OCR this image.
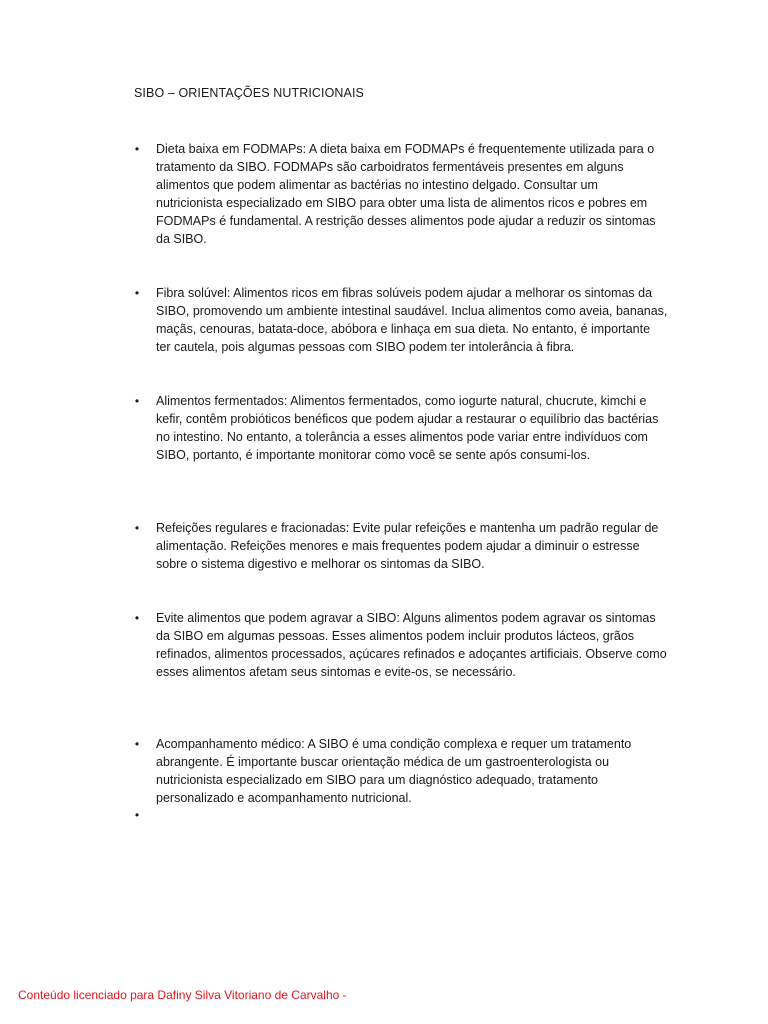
SIBO – ORIENTAÇÕES NUTRICIONAIS
•	Dieta baixa em FODMAPs: A dieta baixa em FODMAPs é frequentemente utilizada para o tratamento da SIBO. FODMAPs são carboidratos fermentáveis presentes em alguns alimentos que podem alimentar as bactérias no intestino delgado. Consultar um nutricionista especializado em SIBO para obter uma lista de alimentos ricos e pobres em FODMAPs é fundamental. A restrição desses alimentos pode ajudar a reduzir os sintomas da SIBO.
•	Fibra solúvel: Alimentos ricos em fibras solúveis podem ajudar a melhorar os sintomas da SIBO, promovendo um ambiente intestinal saudável. Inclua alimentos como aveia, bananas, maçãs, cenouras, batata-doce, abóbora e linhaça em sua dieta. No entanto, é importante ter cautela, pois algumas pessoas com SIBO podem ter intolerância à fibra.
•	Alimentos fermentados: Alimentos fermentados, como iogurte natural, chucrute, kimchi e kefir, contêm probióticos benéficos que podem ajudar a restaurar o equilíbrio das bactérias no intestino. No entanto, a tolerância a esses alimentos pode variar entre indivíduos com SIBO, portanto, é importante monitorar como você se sente após consumi-los.
•	Refeições regulares e fracionadas: Evite pular refeições e mantenha um padrão regular de alimentação. Refeições menores e mais frequentes podem ajudar a diminuir o estresse sobre o sistema digestivo e melhorar os sintomas da SIBO.
•	Evite alimentos que podem agravar a SIBO: Alguns alimentos podem agravar os sintomas da SIBO em algumas pessoas. Esses alimentos podem incluir produtos lácteos, grãos refinados, alimentos processados, açúcares refinados e adoçantes artificiais. Observe como esses alimentos afetam seus sintomas e evite-os, se necessário.
•	Acompanhamento médico: A SIBO é uma condição complexa e requer um tratamento abrangente. É importante buscar orientação médica de um gastroenterologista ou nutricionista especializado em SIBO para um diagnóstico adequado, tratamento personalizado e acompanhamento nutricional.
•
Conteúdo licenciado para Dafiny Silva Vitoriano de Carvalho -
